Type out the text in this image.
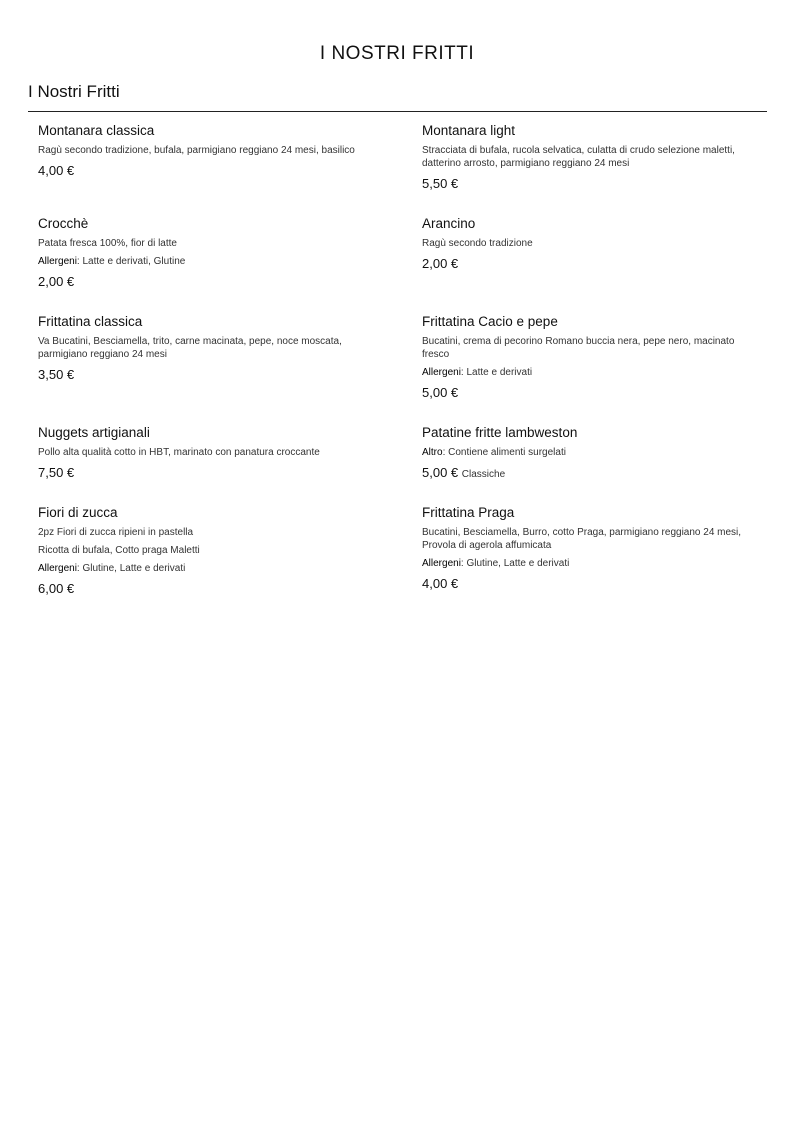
I NOSTRI FRITTI
I Nostri Fritti
Montanara classica
Ragù secondo tradizione, bufala, parmigiano reggiano 24 mesi, basilico
4,00 €
Montanara light
Stracciata di bufala, rucola selvatica, culatta di crudo selezione maletti, datterino arrosto, parmigiano reggiano 24 mesi
5,50 €
Crocchè
Patata fresca 100%, fior di latte
Allergeni: Latte e derivati, Glutine
2,00 €
Arancino
Ragù secondo tradizione
2,00 €
Frittatina classica
Va Bucatini, Besciamella, trito, carne macinata, pepe, noce moscata, parmigiano reggiano 24 mesi
3,50 €
Frittatina Cacio e pepe
Bucatini, crema di pecorino Romano buccia nera, pepe nero, macinato fresco
Allergeni: Latte e derivati
5,00 €
Nuggets artigianali
Pollo alta qualità cotto in HBT, marinato con panatura croccante
7,50 €
Patatine fritte lambweston
Altro: Contiene alimenti surgelati
5,00 € Classiche
Fiori di zucca
2pz Fiori di zucca ripieni in pastella
Ricotta di bufala, Cotto praga Maletti
Allergeni: Glutine, Latte e derivati
6,00 €
Frittatina Praga
Bucatini, Besciamella, Burro, cotto Praga, parmigiano reggiano 24 mesi, Provola di agerola affumicata
Allergeni: Glutine, Latte e derivati
4,00 €
